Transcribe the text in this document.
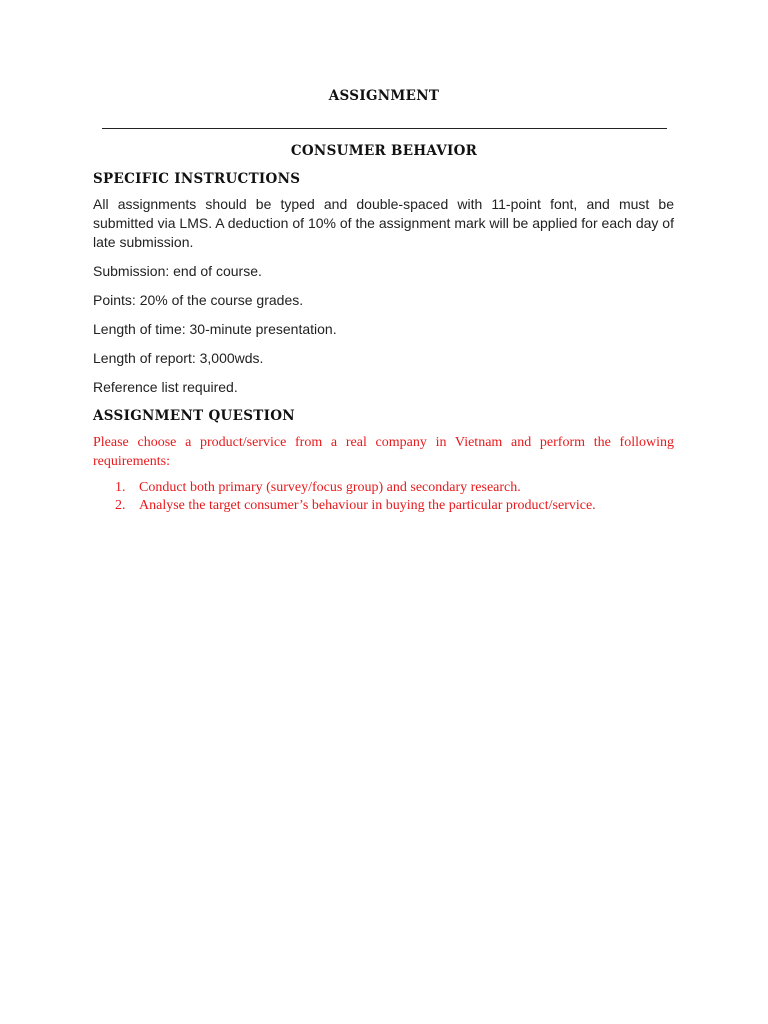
ASSIGNMENT
CONSUMER BEHAVIOR
SPECIFIC INSTRUCTIONS

All assignments should be typed and double-spaced with 11-point font, and must be submitted via LMS. A deduction of 10% of the assignment mark will be applied for each day of late submission.

Submission: end of course.

Points: 20% of the course grades.

Length of time: 30-minute presentation.

Length of report: 3,000wds.

Reference list required.

ASSIGNMENT QUESTION

Please choose a product/service from a real company in Vietnam and perform the following requirements:

1. Conduct both primary (survey/focus group) and secondary research.
2. Analyse the target consumer’s behaviour in buying the particular product/service.
